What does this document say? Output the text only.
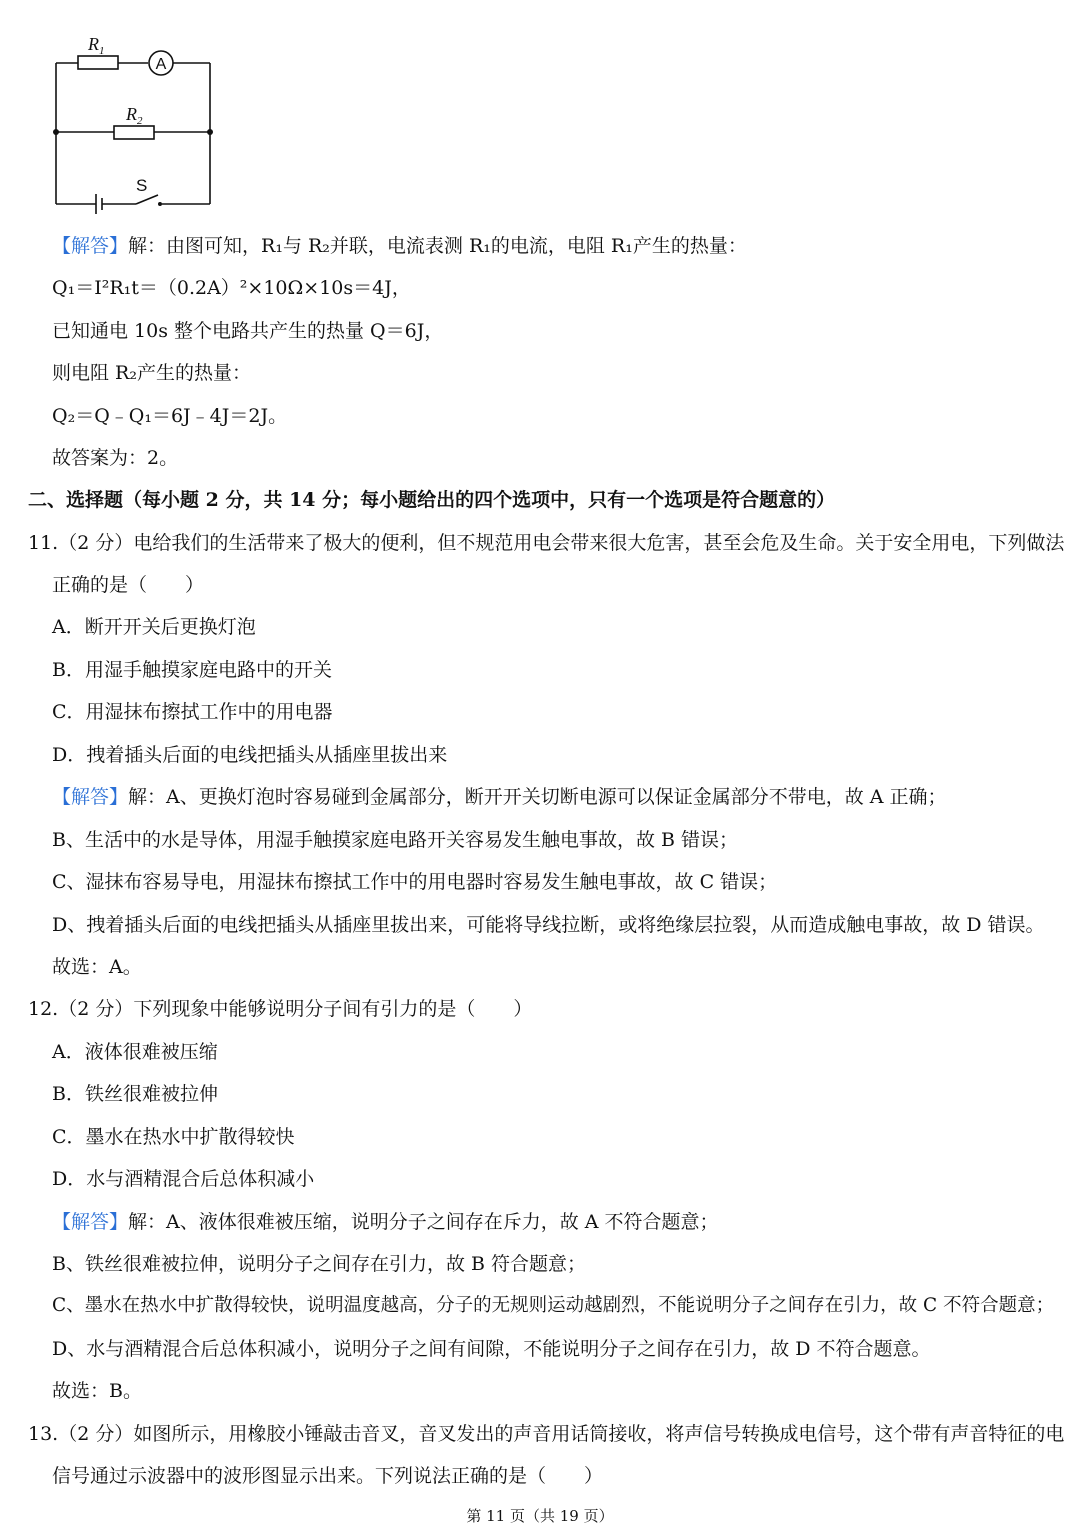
A
$R_1$
$R_2$
S
【解答】解：由图可知，R₁与 R₂并联，电流表测 R₁的电流，电阻 R₁产生的热量：
Q₁＝I²R₁t＝（0.2A）²×10Ω×10s＝4J，
已知通电 10s 整个电路共产生的热量 Q＝6J，
则电阻 R₂产生的热量：
Q₂＝Q﹣Q₁＝6J﹣4J＝2J。
故答案为：2。
二、选择题（每小题 2 分，共 14 分；每小题给出的四个选项中，只有一个选项是符合题意的）
11.（2 分）电给我们的生活带来了极大的便利，但不规范用电会带来很大危害，甚至会危及生命。关于安全用电，下列做法
正确的是（　　）
A．断开开关后更换灯泡
B．用湿手触摸家庭电路中的开关
C．用湿抹布擦拭工作中的用电器
D．拽着插头后面的电线把插头从插座里拔出来
【解答】解：A、更换灯泡时容易碰到金属部分，断开开关切断电源可以保证金属部分不带电，故 A 正确；
B、生活中的水是导体，用湿手触摸家庭电路开关容易发生触电事故，故 B 错误；
C、湿抹布容易导电，用湿抹布擦拭工作中的用电器时容易发生触电事故，故 C 错误；
D、拽着插头后面的电线把插头从插座里拔出来，可能将导线拉断，或将绝缘层拉裂，从而造成触电事故，故 D 错误。
故选：A。
12.（2 分）下列现象中能够说明分子间有引力的是（　　）
A．液体很难被压缩
B．铁丝很难被拉伸
C．墨水在热水中扩散得较快
D．水与酒精混合后总体积减小
【解答】解：A、液体很难被压缩，说明分子之间存在斥力，故 A 不符合题意；
B、铁丝很难被拉伸，说明分子之间存在引力，故 B 符合题意；
C、墨水在热水中扩散得较快，说明温度越高，分子的无规则运动越剧烈，不能说明分子之间存在引力，故 C 不符合题意；
D、水与酒精混合后总体积减小，说明分子之间有间隙，不能说明分子之间存在引力，故 D 不符合题意。
故选：B。
13.（2 分）如图所示，用橡胶小锤敲击音叉，音叉发出的声音用话筒接收，将声信号转换成电信号，这个带有声音特征的电
信号通过示波器中的波形图显示出来。下列说法正确的是（　　）
第 11 页（共 19 页）
